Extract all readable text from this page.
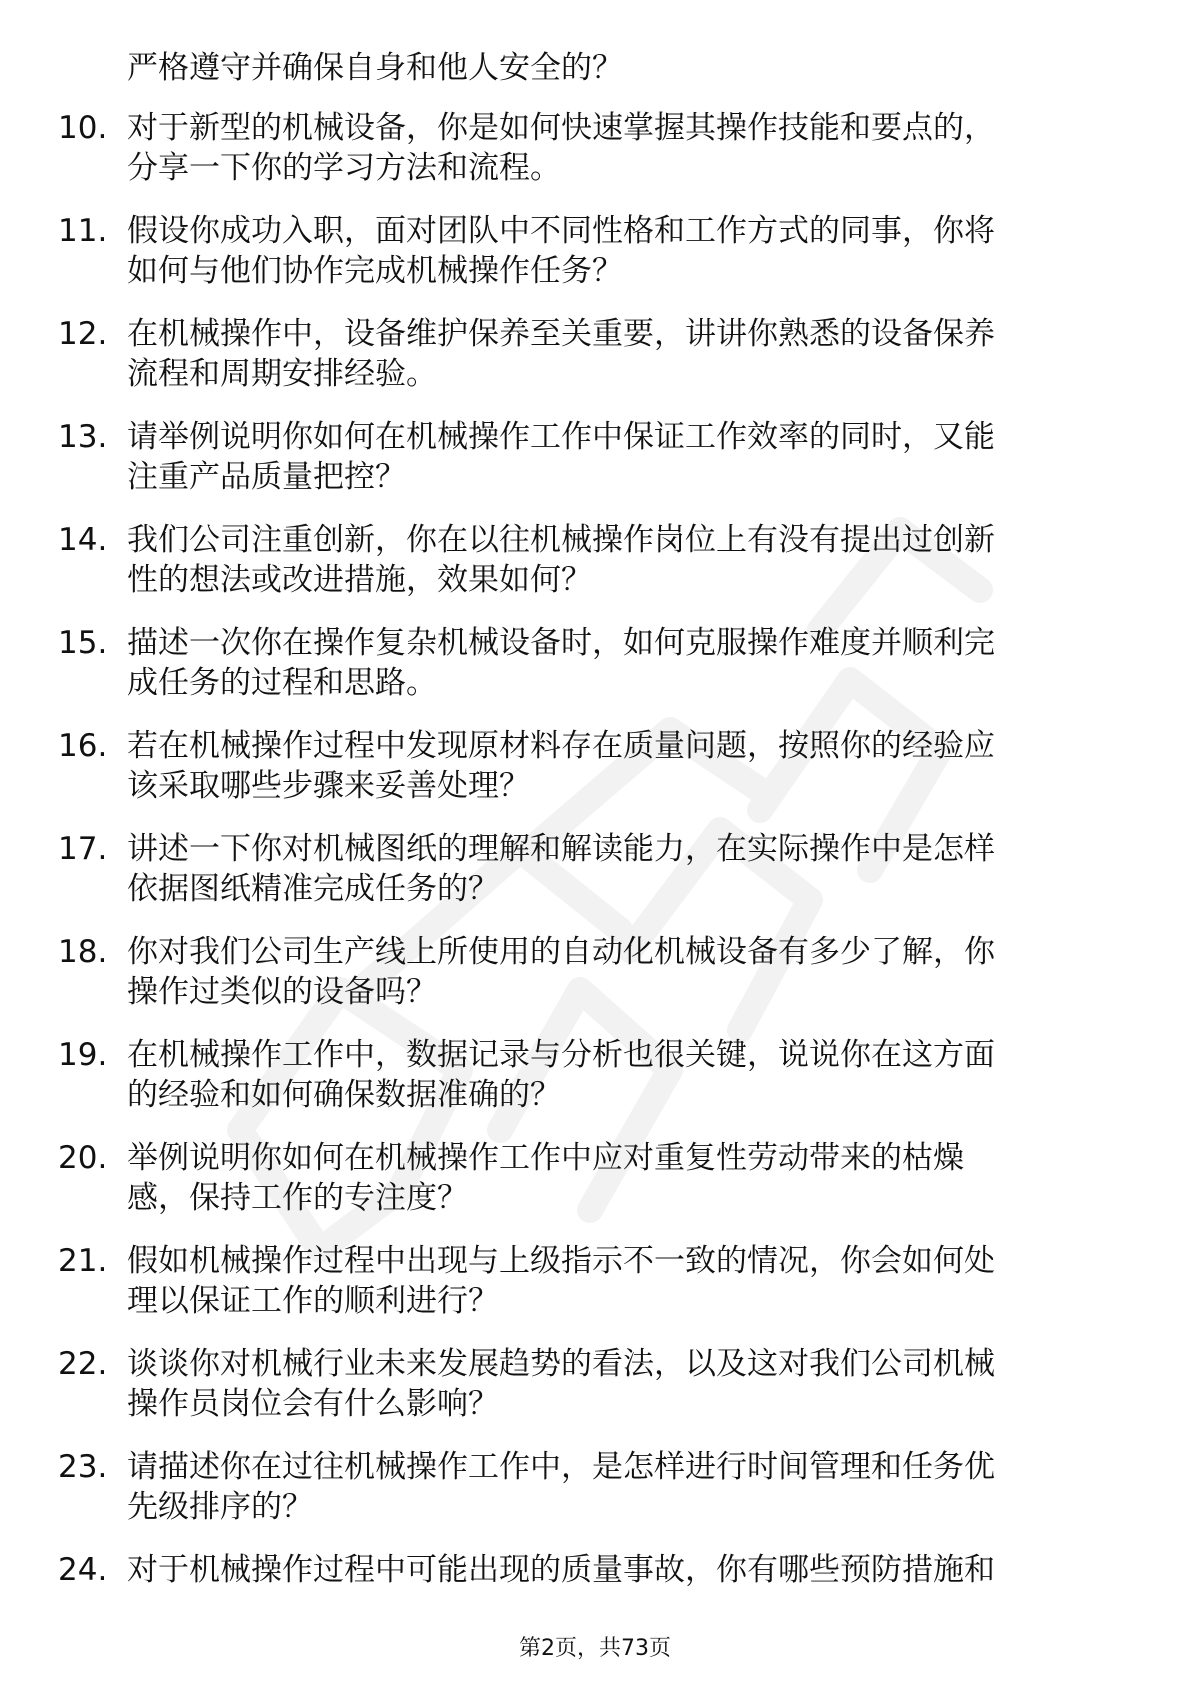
严格遵守并确保自身和他人安全的？

10. 对于新型的机械设备，你是如何快速掌握其操作技能和要点的，
分享一下你的学习方法和流程。

11. 假设你成功入职，面对团队中不同性格和工作方式的同事，你将
如何与他们协作完成机械操作任务？

12. 在机械操作中，设备维护保养至关重要，讲讲你熟悉的设备保养
流程和周期安排经验。

13. 请举例说明你如何在机械操作工作中保证工作效率的同时，又能
注重产品质量把控？

14. 我们公司注重创新，你在以往机械操作岗位上有没有提出过创新
性的想法或改进措施，效果如何？

15. 描述一次你在操作复杂机械设备时，如何克服操作难度并顺利完
成任务的过程和思路。

16. 若在机械操作过程中发现原材料存在质量问题，按照你的经验应
该采取哪些步骤来妥善处理？

17. 讲述一下你对机械图纸的理解和解读能力，在实际操作中是怎样
依据图纸精准完成任务的？

18. 你对我们公司生产线上所使用的自动化机械设备有多少了解，你
操作过类似的设备吗？

19. 在机械操作工作中，数据记录与分析也很关键，说说你在这方面
的经验和如何确保数据准确的？

20. 举例说明你如何在机械操作工作中应对重复性劳动带来的枯燥
感，保持工作的专注度？

21. 假如机械操作过程中出现与上级指示不一致的情况，你会如何处
理以保证工作的顺利进行？

22. 谈谈你对机械行业未来发展趋势的看法，以及这对我们公司机械
操作员岗位会有什么影响？

23. 请描述你在过往机械操作工作中，是怎样进行时间管理和任务优
先级排序的？

24. 对于机械操作过程中可能出现的质量事故，你有哪些预防措施和

第2页，共73页
